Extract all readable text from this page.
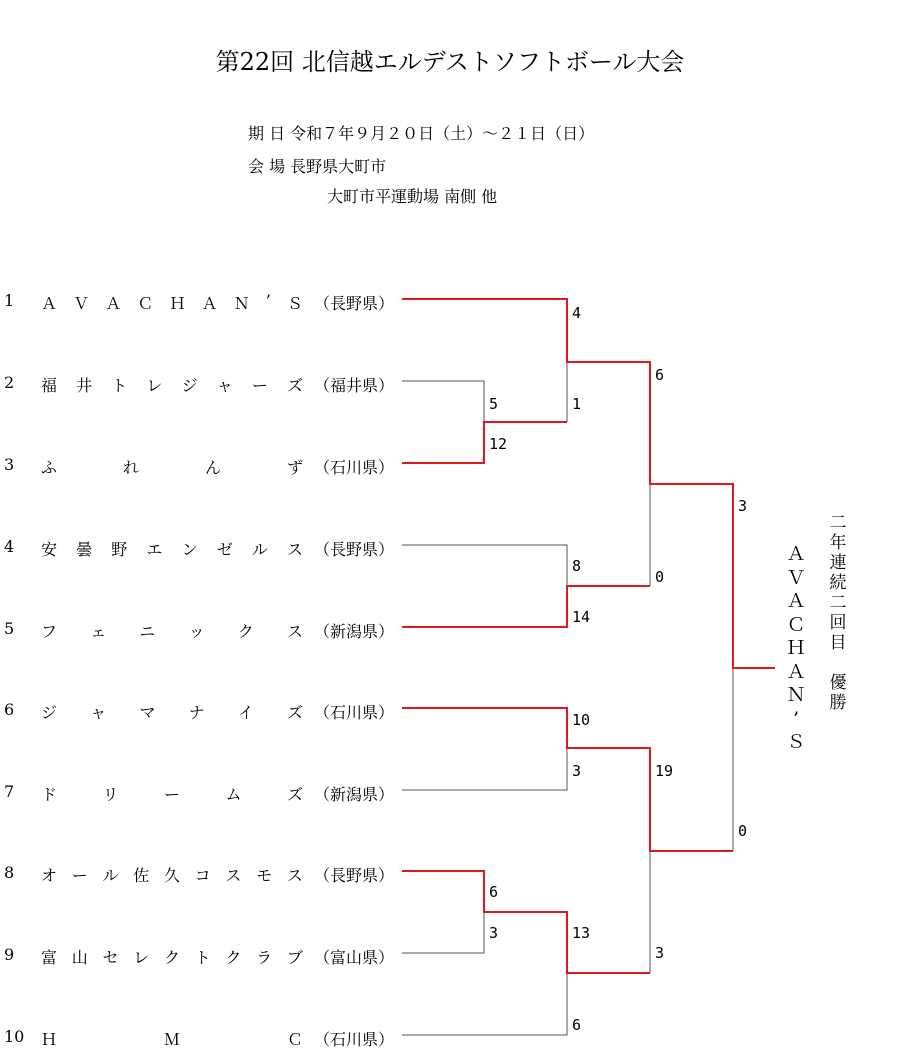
第22回 北信越エルデストソフトボール大会
期 日 令和７年９月２０日（土）～２１日（日）
会 場 長野県大町市
大町市平運動場 南側 他
1	Ａ Ｖ Ａ Ｃ Ｈ Ａ Ｎ ’ Ｓ （長野県）
2	福 井 ト レ ジ ャ ー ズ （福井県）
3	ふ	れ	ん	ず （石川県）
4	安 曇 野 エ ン ゼ ル ス （長野県）
5	フ ェ ニ ッ ク ス （新潟県）
6	ジ ャ マ ナ イ ズ （石川県）
7	ド	リ	ー	ム	ズ （新潟県）
8	オ ー ル 佐 久 コ ス モ ス （長野県）
9	富 山 セ レ ク ト ク ラ ブ （富山県）
10	Ｈ	Ｍ	Ｃ （石川県）
5
12
8
14
10
3
6
3
4
1
13
6
6
0
19
3
3
0
Ａ
Ｖ
Ａ
Ｃ
Ｈ
Ａ
Ｎ
’
Ｓ
二
年
連
続
二
回
目

優
勝
